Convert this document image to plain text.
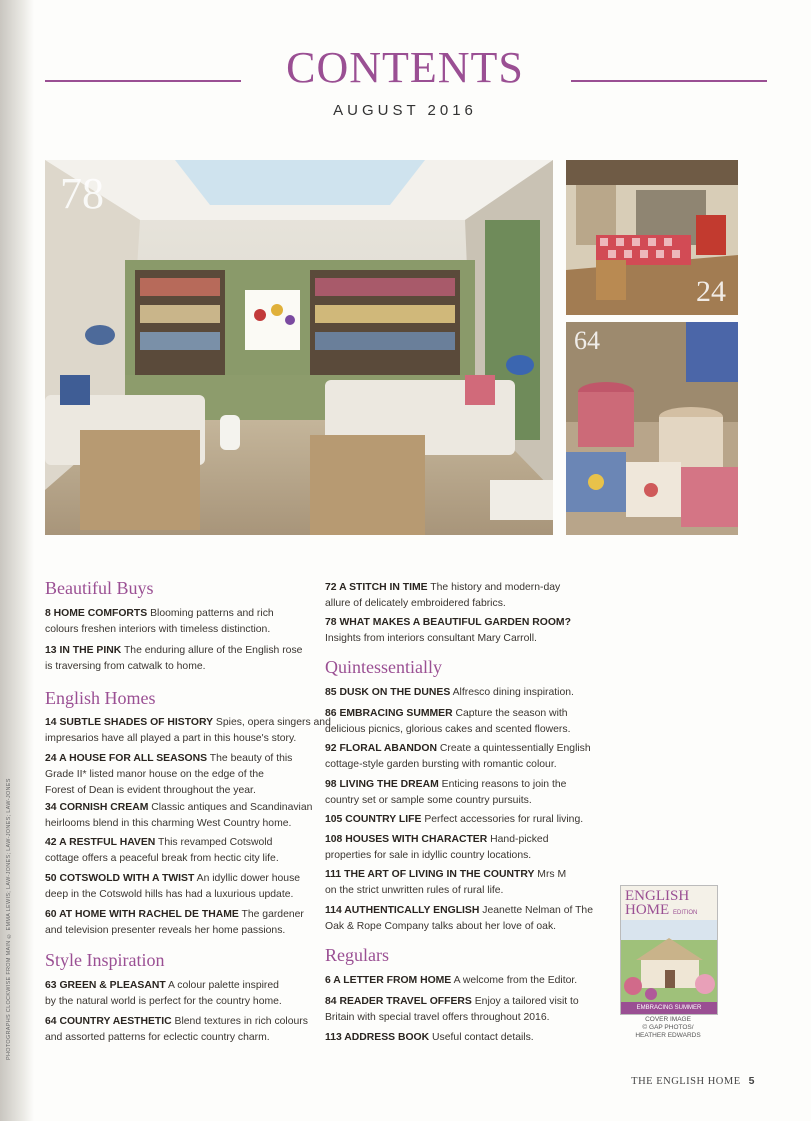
PHOTOGRAPHS CLOCKWISE FROM MAIN © EMMA LEWIS; LAW-JONES; LAW-JONES; LAW-JONES
CONTENTS
AUGUST 2016
78
24
64
Beautiful Buys
8 HOME COMFORTS Blooming patterns and rich
colours freshen interiors with timeless distinction.
13 IN THE PINK The enduring allure of the English rose
is traversing from catwalk to home.
English Homes
14 SUBTLE SHADES OF HISTORY Spies, opera singers and
impresarios have all played a part in this house's story.
24 A HOUSE FOR ALL SEASONS The beauty of this
Grade II* listed manor house on the edge of the
Forest of Dean is evident throughout the year.
34 CORNISH CREAM Classic antiques and Scandinavian
heirlooms blend in this charming West Country home.
42 A RESTFUL HAVEN This revamped Cotswold
cottage offers a peaceful break from hectic city life.
50 COTSWOLD WITH A TWIST An idyllic dower house
deep in the Cotswold hills has had a luxurious update.
60 AT HOME WITH RACHEL DE THAME The gardener
and television presenter reveals her home passions.
Style Inspiration
63 GREEN & PLEASANT A colour palette inspired
by the natural world is perfect for the country home.
64 COUNTRY AESTHETIC Blend textures in rich colours
and assorted patterns for eclectic country charm.
72 A STITCH IN TIME The history and modern-day
allure of delicately embroidered fabrics.
78 WHAT MAKES A BEAUTIFUL GARDEN ROOM?
Insights from interiors consultant Mary Carroll.
Quintessentially
85 DUSK ON THE DUNES Alfresco dining inspiration.
86 EMBRACING SUMMER Capture the season with
delicious picnics, glorious cakes and scented flowers.
92 FLORAL ABANDON Create a quintessentially English
cottage-style garden bursting with romantic colour.
98 LIVING THE DREAM Enticing reasons to join the
country set or sample some country pursuits.
105 COUNTRY LIFE Perfect accessories for rural living.
108 HOUSES WITH CHARACTER Hand-picked
properties for sale in idyllic country locations.
111 THE ART OF LIVING IN THE COUNTRY Mrs M
on the strict unwritten rules of rural life.
114 AUTHENTICALLY ENGLISH Jeanette Nelman of The
Oak & Rope Company talks about her love of oak.
Regulars
6 A LETTER FROM HOME A welcome from the Editor.
84 READER TRAVEL OFFERS Enjoy a tailored visit to
Britain with special travel offers throughout 2016.
113 ADDRESS BOOK Useful contact details.
ENGLISH
HOME EDITION
EMBRACING SUMMER
COVER IMAGE
© GAP PHOTOS/
HEATHER EDWARDS
THE ENGLISH HOME 5
